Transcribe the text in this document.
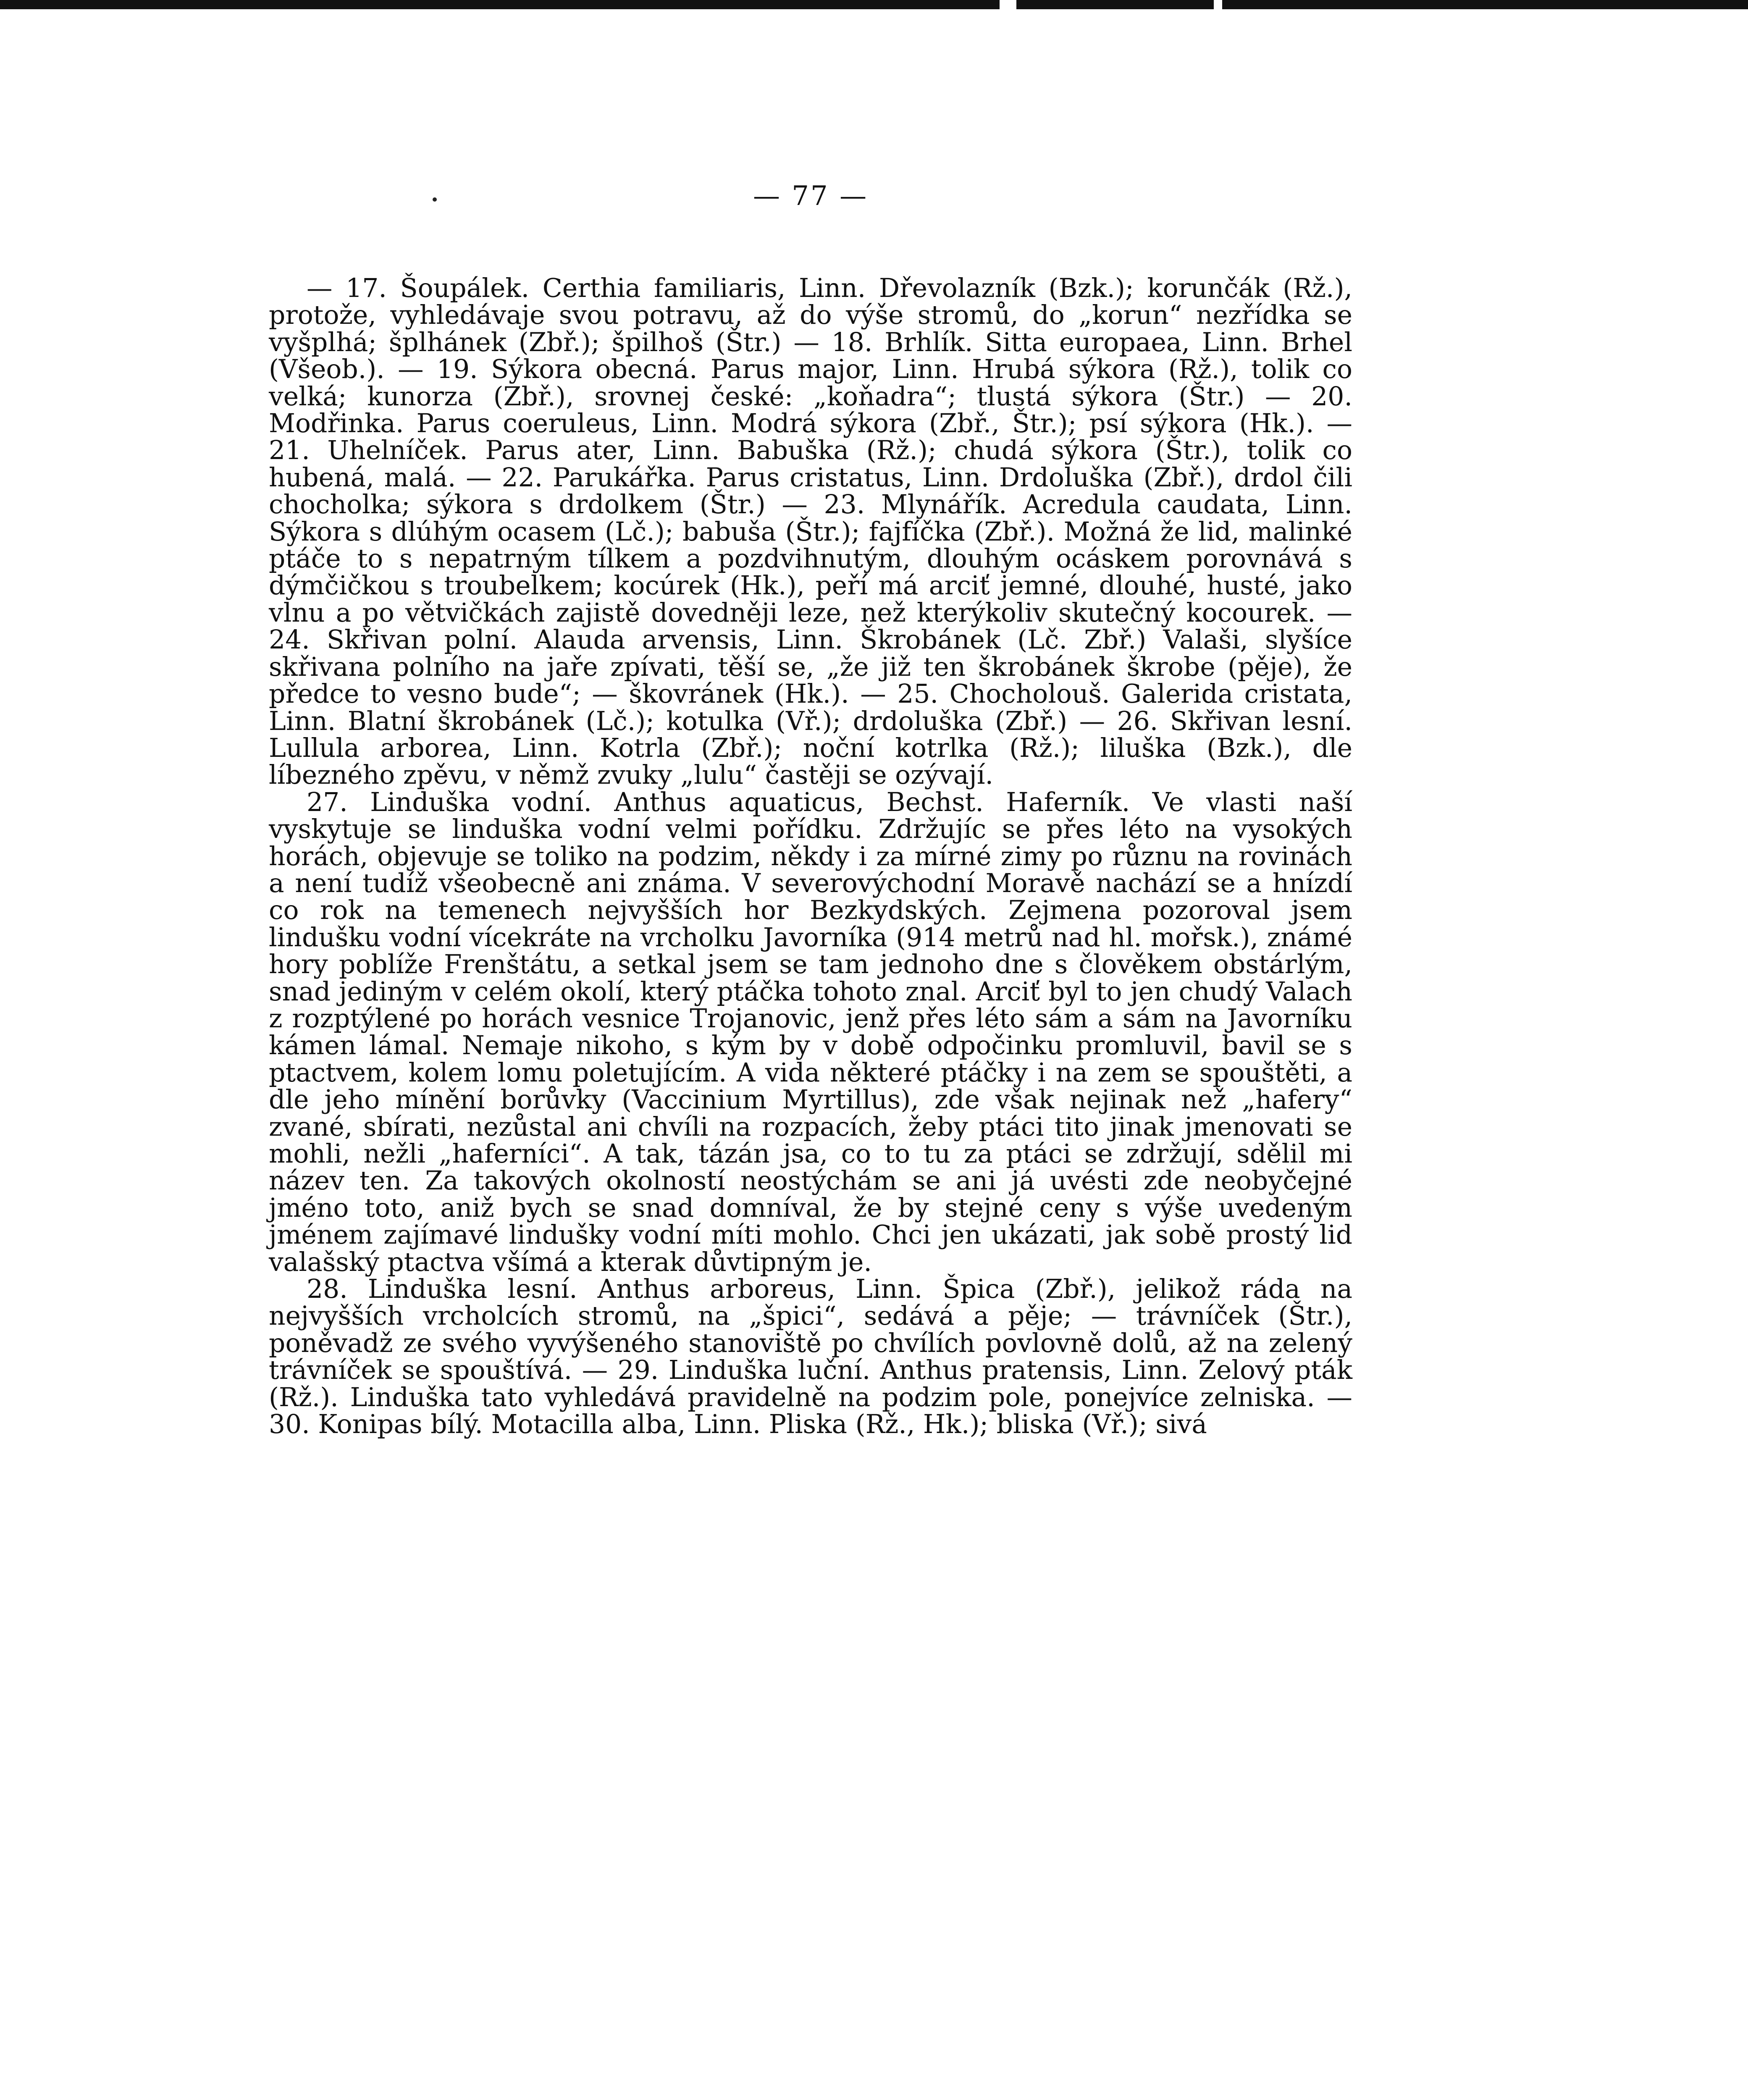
— 77 —

— 17. Šoupálek. Certhia familiaris, Linn. Dřevolazník (Bzk.); korunčák (Rž.), protože, vyhledávaje svou potravu, až do výše stromů, do „korun“ nezřídka se vyšplhá; šplhánek (Zbř.); špilhoš (Štr.) — 18. Brhlík. Sitta europaea, Linn. Brhel (Všeob.). — 19. Sýkora obecná. Parus major, Linn. Hrubá sýkora (Rž.), tolik co velká; kunorza (Zbř.), srovnej české: „koňadra“; tlustá sýkora (Štr.) — 20. Modřinka. Parus coeruleus, Linn. Modrá sýkora (Zbř., Štr.); psí sýkora (Hk.). — 21. Uhelníček. Parus ater, Linn. Babuška (Rž.); chudá sýkora (Štr.), tolik co hubená, malá. — 22. Parukářka. Parus cristatus, Linn. Drdoluška (Zbř.), drdol čili chocholka; sýkora s drdolkem (Štr.) — 23. Mlynářík. Acredula caudata, Linn. Sýkora s dlúhým ocasem (Lč.); babuša (Štr.); fajfíčka (Zbř.). Možná že lid, malinké ptáče to s nepatrným tílkem a pozdvihnutým, dlouhým ocáskem porovnává s dýmčičkou s troubelkem; kocúrek (Hk.), peří má arciť jemné, dlouhé, husté, jako vlnu a po větvičkách zajistě dovedněji leze, než kterýkoliv skutečný kocourek. — 24. Skřivan polní. Alauda arvensis, Linn. Škrobánek (Lč. Zbř.) Valaši, slyšíce skřivana polního na jaře zpívati, těší se, „že již ten škrobánek škrobe (pěje), že předce to vesno bude“; — škovránek (Hk.). — 25. Chocholouš. Galerida cristata, Linn. Blatní škrobánek (Lč.); kotulka (Vř.); drdoluška (Zbř.) — 26. Skřivan lesní. Lullula arborea, Linn. Kotrla (Zbř.); noční kotrlka (Rž.); liluška (Bzk.), dle líbezného zpěvu, v němž zvuky „lulu“ častěji se ozývají.

27. Linduška vodní. Anthus aquaticus, Bechst. Haferník. Ve vlasti naší vyskytuje se linduška vodní velmi pořídku. Zdržujíc se přes léto na vysokých horách, objevuje se toliko na podzim, někdy i za mírné zimy po různu na rovinách a není tudíž všeobecně ani známa. V severovýchodní Moravě nachází se a hnízdí co rok na temenech nejvyšších hor Bezkydských. Zejmena pozoroval jsem lindušku vodní vícekráte na vrcholku Javorníka (914 metrů nad hl. mořsk.), známé hory poblíže Frenštátu, a setkal jsem se tam jednoho dne s člověkem obstárlým, snad jediným v celém okolí, který ptáčka tohoto znal. Arciť byl to jen chudý Valach z rozptýlené po horách vesnice Trojanovic, jenž přes léto sám a sám na Javorníku kámen lámal. Nemaje nikoho, s kým by v době odpočinku promluvil, bavil se s ptactvem, kolem lomu poletujícím. A vida některé ptáčky i na zem se spouštěti, a dle jeho mínění borůvky (Vaccinium Myrtillus), zde však nejinak než „hafery“ zvané, sbírati, nezůstal ani chvíli na rozpacích, žeby ptáci tito jinak jmenovati se mohli, nežli „haferníci“. A tak, tázán jsa, co to tu za ptáci se zdržují, sdělil mi název ten. Za takových okolností neostýchám se ani já uvésti zde neobyčejné jméno toto, aniž bych se snad domníval, že by stejné ceny s výše uvedeným jménem zajímavé lindušky vodní míti mohlo. Chci jen ukázati, jak sobě prostý lid valašský ptactva všímá a kterak důvtipným je.

28. Linduška lesní. Anthus arboreus, Linn. Špica (Zbř.), jelikož ráda na nejvyšších vrcholcích stromů, na „špici“, sedává a pěje; — trávníček (Štr.), poněvadž ze svého vyvýšeného stanoviště po chvílích povlovně dolů, až na zelený trávníček se spouštívá. — 29. Linduška luční. Anthus pratensis, Linn. Zelový pták (Rž.). Linduška tato vyhledává pravidelně na podzim pole, ponejvíce zelniska. — 30. Konipas bílý. Motacilla alba, Linn. Pliska (Rž., Hk.); bliska (Vř.); sivá
